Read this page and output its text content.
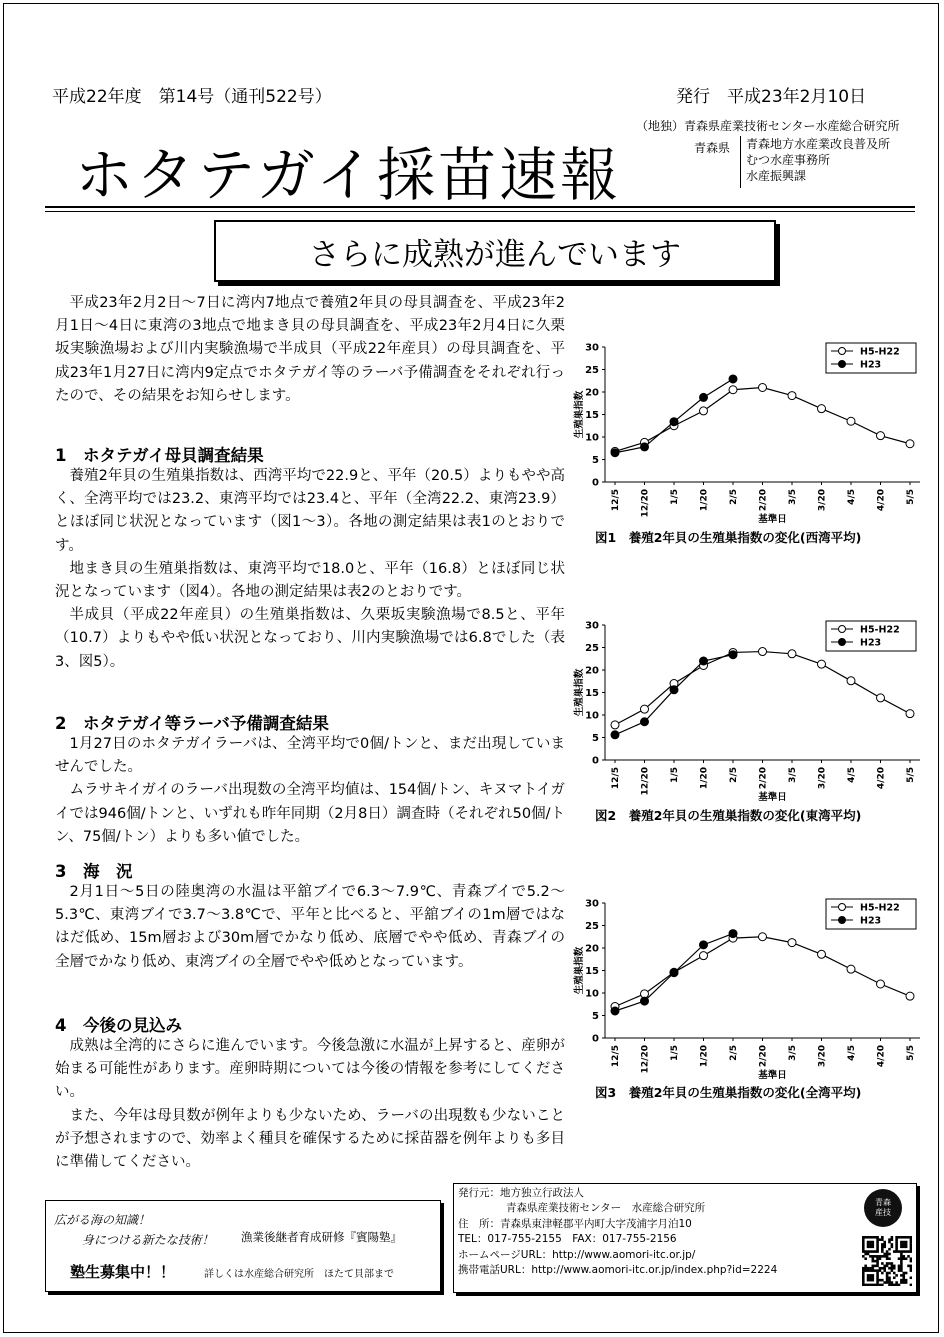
平成22年度　第14号（通刊522号）	発行　平成23年2月10日
ホタテガイ採苗速報
（地独）青森県産業技術センター水産総合研究所
青森県 青森地方水産業改良普及所
むつ水産事務所
水産振興課
さらに成熟が進んでいます

平成23年2月2日～7日に湾内7地点で養殖2年貝の母貝調査を、平成23年2月1日～4日に東湾の3地点で地まき貝の母貝調査を、平成23年2月4日に久栗坂実験漁場および川内実験漁場で半成貝（平成22年産貝）の母貝調査を、平成23年1月27日に湾内9定点でホタテガイ等のラーバ予備調査をそれぞれ行ったので、その結果をお知らせします。

1　ホタテガイ母貝調査結果

養殖2年貝の生殖巣指数は、西湾平均で22.9と、平年（20.5）よりもやや高く、全湾平均では23.2、東湾平均では23.4と、平年（全湾22.2、東湾23.9）とほぼ同じ状況となっています（図1～3）。各地の測定結果は表1のとおりです。

地まき貝の生殖巣指数は、東湾平均で18.0と、平年（16.8）とほぼ同じ状況となっています（図4）。各地の測定結果は表2のとおりです。

半成貝（平成22年産貝）の生殖巣指数は、久栗坂実験漁場で8.5と、平年（10.7）よりもやや低い状況となっており、川内実験漁場では6.8でした（表3、図5）。

2　ホタテガイ等ラーバ予備調査結果

1月27日のホタテガイラーバは、全湾平均で0個/トンと、まだ出現していませんでした。

ムラサキイガイのラーバ出現数の全湾平均値は、154個/トン、キヌマトイガイでは946個/トンと、いずれも昨年同期（2月8日）調査時（それぞれ50個/トン、75個/トン）よりも多い値でした。

3　海　況

2月1日～5日の陸奥湾の水温は平舘ブイで6.3～7.9℃、青森ブイで5.2～5.3℃、東湾ブイで3.7～3.8℃で、平年と比べると、平舘ブイの1m層ではなはだ低め、15m層および30m層でかなり低め、底層でやや低め、青森ブイの全層でかなり低め、東湾ブイの全層でやや低めとなっています。

4　今後の見込み

成熟は全湾的にさらに進んでいます。今後急激に水温が上昇すると、産卵が始まる可能性があります。産卵時期については今後の情報を参考にしてください。

また、今年は母貝数が例年よりも少ないため、ラーバの出現数も少ないことが予想されますので、効率よく種貝を確保するために採苗器を例年よりも多目に準備してください。

0
5
10
15
20
25
30
12/5 12/20 1/5 1/20 2/5 2/20 3/5 3/20 4/5 4/20 5/5
生殖巣指数
基準日
H5-H22
H23
図1　養殖2年貝の生殖巣指数の変化(西湾平均)
0
5
10
15
20
25
30
12/5 12/20 1/5 1/20 2/5 2/20 3/5 3/20 4/5 4/20 5/5
生殖巣指数
基準日
H5-H22
H23
図2　養殖2年貝の生殖巣指数の変化(東湾平均)
0
5
10
15
20
25
30
12/5 12/20 1/5 1/20 2/5 2/20 3/5 3/20 4/5 4/20 5/5
生殖巣指数
基準日
H5-H22
H23
図3　養殖2年貝の生殖巣指数の変化(全湾平均)
広がる海の知識！
身につける新たな技術！ 漁業後継者育成研修『賓陽塾』
塾生募集中！！	詳しくは水産総合研究所　ほたて貝部まで
発行元：地方独立行政法人
青森県産業技術センター　水産総合研究所
住　所：青森県東津軽郡平内町大字茂浦字月泊10
TEL：017-755-2155　FAX：017-755-2156
ホームページURL：http://www.aomori-itc.or.jp/
携帯電話URL：http://www.aomori-itc.or.jp/index.php?id=2224
青森産技
